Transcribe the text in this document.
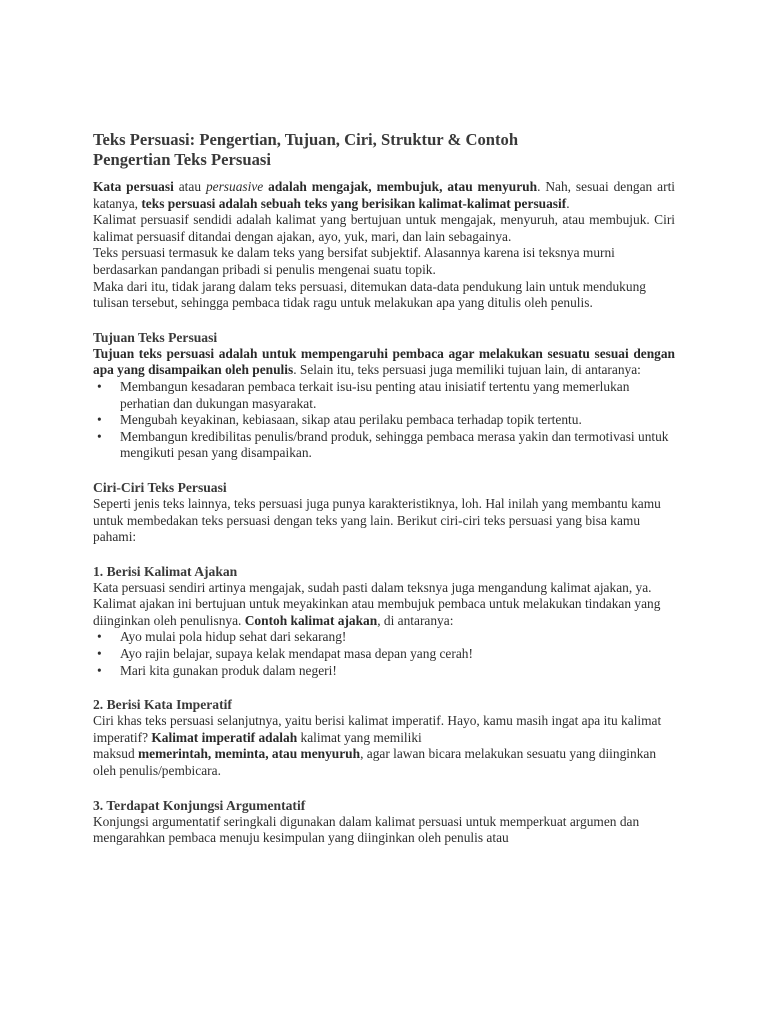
Teks Persuasi: Pengertian, Tujuan, Ciri, Struktur & Contoh
Pengertian Teks Persuasi

Kata persuasi atau persuasive adalah mengajak, membujuk, atau menyuruh. Nah, sesuai dengan arti katanya, teks persuasi adalah sebuah teks yang berisikan kalimat-kalimat persuasif.

Kalimat persuasif sendidi adalah kalimat yang bertujuan untuk mengajak, menyuruh, atau membujuk. Ciri kalimat persuasif ditandai dengan ajakan, ayo, yuk, mari, dan lain sebagainya.

Teks persuasi termasuk ke dalam teks yang bersifat subjektif. Alasannya karena isi teksnya murni berdasarkan pandangan pribadi si penulis mengenai suatu topik.

Maka dari itu, tidak jarang dalam teks persuasi, ditemukan data-data pendukung lain untuk mendukung tulisan tersebut, sehingga pembaca tidak ragu untuk melakukan apa yang ditulis oleh penulis.

Tujuan Teks Persuasi

Tujuan teks persuasi adalah untuk mempengaruhi pembaca agar melakukan sesuatu sesuai dengan apa yang disampaikan oleh penulis. Selain itu, teks persuasi juga memiliki tujuan lain, di antaranya:

• Membangun kesadaran pembaca terkait isu-isu penting atau inisiatif tertentu yang memerlukan perhatian dan dukungan masyarakat.
• Mengubah keyakinan, kebiasaan, sikap atau perilaku pembaca terhadap topik tertentu.
• Membangun kredibilitas penulis/brand produk, sehingga pembaca merasa yakin dan termotivasi untuk mengikuti pesan yang disampaikan.
Ciri-Ciri Teks Persuasi

Seperti jenis teks lainnya, teks persuasi juga punya karakteristiknya, loh. Hal inilah yang membantu kamu untuk membedakan teks persuasi dengan teks yang lain. Berikut ciri-ciri teks persuasi yang bisa kamu pahami:

1. Berisi Kalimat Ajakan

Kata persuasi sendiri artinya mengajak, sudah pasti dalam teksnya juga mengandung kalimat ajakan, ya. Kalimat ajakan ini bertujuan untuk meyakinkan atau membujuk pembaca untuk melakukan tindakan yang diinginkan oleh penulisnya. Contoh kalimat ajakan, di antaranya:

• Ayo mulai pola hidup sehat dari sekarang!
• Ayo rajin belajar, supaya kelak mendapat masa depan yang cerah!
• Mari kita gunakan produk dalam negeri!
2. Berisi Kata Imperatif

Ciri khas teks persuasi selanjutnya, yaitu berisi kalimat imperatif. Hayo, kamu masih ingat apa itu kalimat imperatif? Kalimat imperatif adalah kalimat yang memiliki
maksud memerintah, meminta, atau menyuruh, agar lawan bicara melakukan sesuatu yang diinginkan oleh penulis/pembicara.

3. Terdapat Konjungsi Argumentatif

Konjungsi argumentatif seringkali digunakan dalam kalimat persuasi untuk memperkuat argumen dan mengarahkan pembaca menuju kesimpulan yang diinginkan oleh penulis atau
